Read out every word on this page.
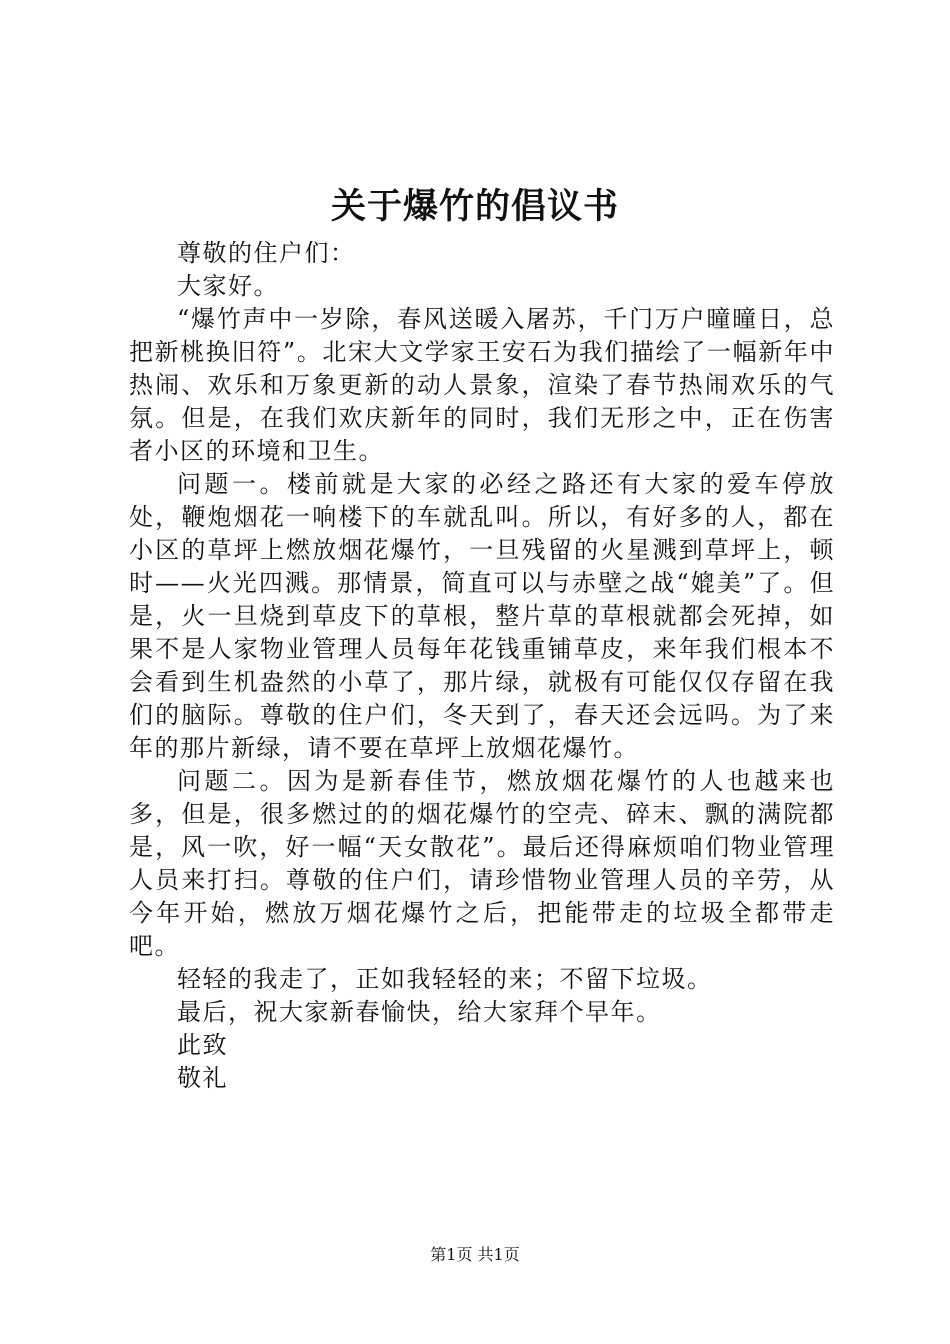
关于爆竹的倡议书

尊敬的住户们：

大家好。

“爆竹声中一岁除，春风送暖入屠苏，千门万户曈曈日，总把新桃换旧符”。北宋大文学家王安石为我们描绘了一幅新年中热闹、欢乐和万象更新的动人景象，渲染了春节热闹欢乐的气氛。但是，在我们欢庆新年的同时，我们无形之中，正在伤害者小区的环境和卫生。

问题一。楼前就是大家的必经之路还有大家的爱车停放处，鞭炮烟花一响楼下的车就乱叫。所以，有好多的人，都在小区的草坪上燃放烟花爆竹，一旦残留的火星溅到草坪上，顿时——火光四溅。那情景，简直可以与赤壁之战“媲美”了。但是，火一旦烧到草皮下的草根，整片草的草根就都会死掉，如果不是人家物业管理人员每年花钱重铺草皮，来年我们根本不会看到生机盎然的小草了，那片绿，就极有可能仅仅存留在我们的脑际。尊敬的住户们，冬天到了，春天还会远吗。为了来年的那片新绿，请不要在草坪上放烟花爆竹。

问题二。因为是新春佳节，燃放烟花爆竹的人也越来也多，但是，很多燃过的的烟花爆竹的空壳、碎末、飘的满院都是，风一吹，好一幅“天女散花”。最后还得麻烦咱们物业管理人员来打扫。尊敬的住户们，请珍惜物业管理人员的辛劳，从今年开始，燃放万烟花爆竹之后，把能带走的垃圾全都带走吧。

轻轻的我走了，正如我轻轻的来；不留下垃圾。

最后，祝大家新春愉快，给大家拜个早年。

此致

敬礼

第1页 共1页
